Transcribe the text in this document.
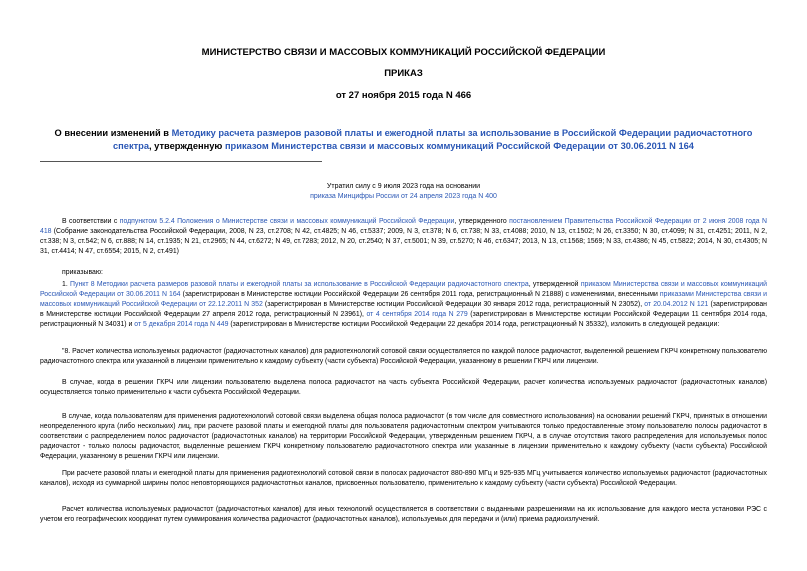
МИНИСТЕРСТВО СВЯЗИ И МАССОВЫХ КОММУНИКАЦИЙ РОССИЙСКОЙ ФЕДЕРАЦИИ
ПРИКАЗ
от 27 ноября 2015 года N 466
О внесении изменений в Методику расчета размеров разовой платы и ежегодной платы за использование в Российской Федерации радиочастотного спектра, утвержденную приказом Министерства связи и массовых коммуникаций Российской Федерации от 30.06.2011 N 164
Утратил силу с 9 июля 2023 года на основании
приказа Минцифры России от 24 апреля 2023 года N 400
В соответствии с подпунктом 5.2.4 Положения о Министерстве связи и массовых коммуникаций Российской Федерации, утвержденного постановлением Правительства Российской Федерации от 2 июня 2008 года N 418 (Собрание законодательства Российской Федерации, 2008, N 23, ст.2708; N 42, ст.4825; N 46, ст.5337; 2009, N 3, ст.378; N 6, ст.738; N 33, ст.4088; 2010, N 13, ст.1502; N 26, ст.3350; N 30, ст.4099; N 31, ст.4251; 2011, N 2, ст.338; N 3, ст.542; N 6, ст.888; N 14, ст.1935; N 21, ст.2965; N 44, ст.6272; N 49, ст.7283; 2012, N 20, ст.2540; N 37, ст.5001; N 39, ст.5270; N 46, ст.6347; 2013, N 13, ст.1568; 1569; N 33, ст.4386; N 45, ст.5822; 2014, N 30, ст.4305; N 31, ст.4414; N 47, ст.6554; 2015, N 2, ст.491)
приказываю:
1. Пункт 8 Методики расчета размеров разовой платы и ежегодной платы за использование в Российской Федерации радиочастотного спектра, утвержденной приказом Министерства связи и массовых коммуникаций Российской Федерации от 30.06.2011 N 164 (зарегистрирован в Министерстве юстиции Российской Федерации 26 сентября 2011 года, регистрационный N 21888) с изменениями, внесенными приказами Министерства связи и массовых коммуникаций Российской Федерации от 22.12.2011 N 352 (зарегистрирован в Министерстве юстиции Российской Федерации 30 января 2012 года, регистрационный N 23052), от 20.04.2012 N 121 (зарегистрирован в Министерстве юстиции Российской Федерации 27 апреля 2012 года, регистрационный N 23961), от 4 сентября 2014 года N 279 (зарегистрирован в Министерстве юстиции Российской Федерации 11 сентября 2014 года, регистрационный N 34031) и от 5 декабря 2014 года N 449 (зарегистрирован в Министерстве юстиции Российской Федерации 22 декабря 2014 года, регистрационный N 35332), изложить в следующей редакции:
"8. Расчет количества используемых радиочастот (радиочастотных каналов) для радиотехнологий сотовой связи осуществляется по каждой полосе радиочастот, выделенной решением ГКРЧ конкретному пользователю радиочастотного спектра или указанной в лицензии применительно к каждому субъекту (части субъекта) Российской Федерации, указанному в решении ГКРЧ или лицензии.
В случае, когда в решении ГКРЧ или лицензии пользователю выделена полоса радиочастот на часть субъекта Российской Федерации, расчет количества используемых радиочастот (радиочастотных каналов) осуществляется только применительно к части субъекта Российской Федерации.
В случае, когда пользователям для применения радиотехнологий сотовой связи выделена общая полоса радиочастот (в том числе для совместного использования) на основании решений ГКРЧ, принятых в отношении неопределенного круга (либо нескольких) лиц, при расчете разовой платы и ежегодной платы для пользователя радиочастотным спектром учитываются только предоставленные этому пользователю полосы радиочастот в соответствии с распределением полос радиочастот (радиочастотных каналов) на территории Российской Федерации, утвержденным решением ГКРЧ, а в случае отсутствия такого распределения для используемых полос радиочастот - только полосы радиочастот, выделенные решением ГКРЧ конкретному пользователю радиочастотного спектра или указанные в лицензии применительно к каждому субъекту (части субъекта) Российской Федерации, указанному в решении ГКРЧ или лицензии.
При расчете разовой платы и ежегодной платы для применения радиотехнологий сотовой связи в полосах радиочастот 880-890 МГц и 925-935 МГц учитывается количество используемых радиочастот (радиочастотных каналов), исходя из суммарной ширины полос неповторяющихся радиочастотных каналов, присвоенных пользователю, применительно к каждому субъекту (части субъекта) Российской Федерации.
Расчет количества используемых радиочастот (радиочастотных каналов) для иных технологий осуществляется в соответствии с выданными разрешениями на их использование для каждого места установки РЭС с учетом его географических координат путем суммирования количества радиочастот (радиочастотных каналов), используемых для передачи и (или) приема радиоизлучений.
